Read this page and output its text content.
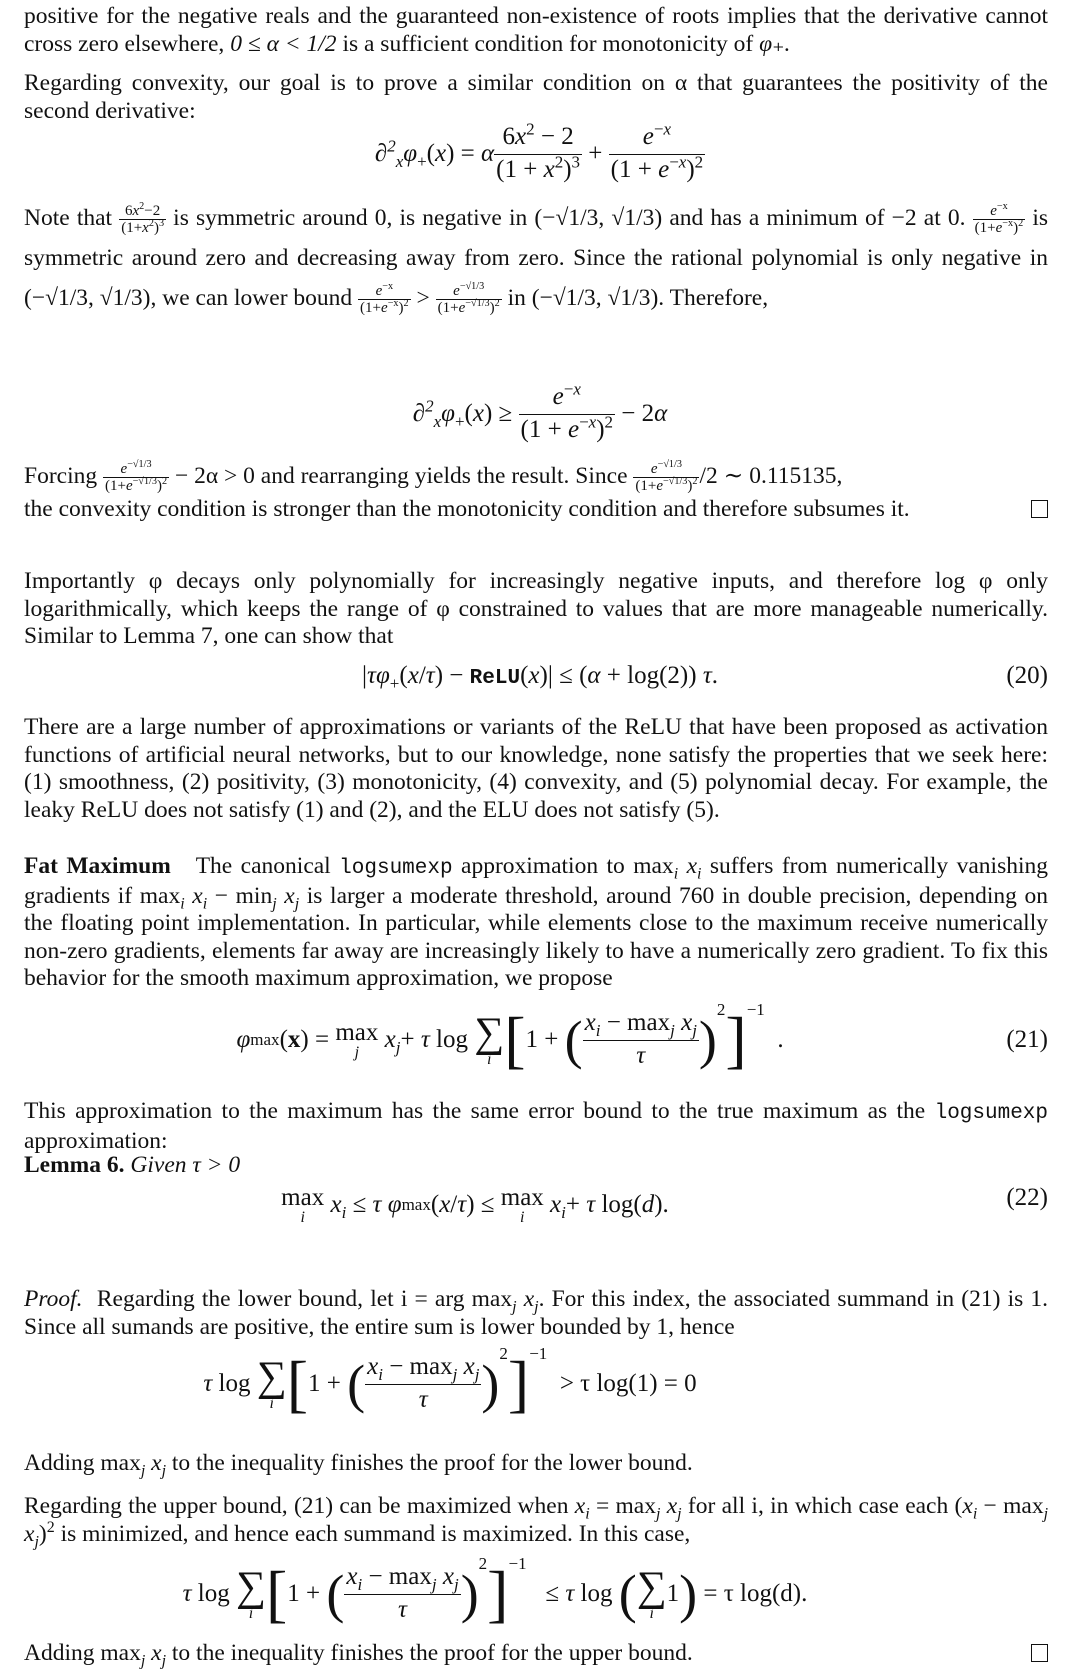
positive for the negative reals and the guaranteed non-existence of roots implies that the derivative cannot cross zero elsewhere, 0 ≤ α < 1/2 is a sufficient condition for monotonicity of φ₊.

Regarding convexity, our goal is to prove a similar condition on α that guarantees the positivity of the second derivative:

$\partial^2_x\varphi_+$ ( x ) = α $\frac{6x^2 - 2}{(1 + x^2)^3} + \frac{e^{-x}}{(1 + e^{-x})^2}$

Note that $\frac{6x^2-2}{(1+x^2)^3}$ is symmetric around 0, is negative in (−√1/3, √1/3) and has a minimum of −2 at 0. $\frac{e^{-x}}{(1+e^{-x})^2}$ is symmetric around zero and decreasing away from zero. Since the rational polynomial is only negative in (−√1/3, √1/3), we can lower bound $\frac{e^{-x}}{(1+e^{-x})^2} > \frac{e^{-√1/3}}{(1+e^{-√1/3})^2}$ in (−√1/3, √1/3). Therefore,

$\partial^2_x\varphi_+$ ( x ) ≥ $\frac{e^{-x}}{(1 + e^{-x})^2} - 2$ α

Forcing $\frac{e^{-√1/3}}{(1+e^{-√1/3})^2} - 2\alpha > 0$ and rearranging yields the result. Since $\frac{e^{-√1/3}}{(1+e^{-√1/3})^2} /2$ ∼ 0.115135,

the convexity condition is stronger than the monotonicity condition and therefore subsumes it.

Importantly φ decays only polynomially for increasingly negative inputs, and therefore log φ only logarithmically, which keeps the range of φ constrained to values that are more manageable numerically. Similar to Lemma 7, one can show that

$|\tau\varphi_+(x/\tau)$ − ReLU(x)| ≤ (α + log(2)) τ.	(20)

There are a large number of approximations or variants of the ReLU that have been proposed as activation functions of artificial neural networks, but to our knowledge, none satisfy the properties that we seek here: (1) smoothness, (2) positivity, (3) monotonicity, (4) convexity, and (5) polynomial decay. For example, the leaky ReLU does not satisfy (1) and (2), and the ELU does not satisfy (5).

Fat Maximum The canonical logsumexp approximation to $\max_i x_i$ suffers from numerically vanishing gradients if $\max_i x_i - \min_j x_j$ is larger a moderate threshold, around 760 in double precision, depending on the floating point implementation. In particular, while elements close to the maximum receive numerically non-zero gradients, elements far away are increasingly likely to have a numerically zero gradient. To fix this behavior for the smooth maximum approximation, we propose

φ max ( x ) = max
j
$x_j + \tau$ log ∑
i [ 1 + ( $\frac{x_i - \max_j x_j}{\tau}$ )
2 ] −1
.	(21)

This approximation to the maximum has the same error bound to the true maximum as the logsumexp approximation:

Lemma 6. Given τ > 0

max
i
$x_i \le \tau$ φ max ( x / τ ) ≤ max
i
$x_i + \tau$ log( d ).	(22)

Proof. Regarding the lower bound, let i = arg $\max_j x_j$. For this index, the associated summand in (21) is 1. Since all sumands are positive, the entire sum is lower bounded by 1, hence

τ log ∑
i [ 1 + ( $\frac{x_i - \max_j x_j}{\tau}$ )
2 ] −1

> τ log(1) = 0

Adding $\max_j x_j$ to the inequality finishes the proof for the lower bound.

Regarding the upper bound, (21) can be maximized when $x_i = \max_j x_j$ for all i, in which case each $(x_i - \max_j x_j)^2$ is minimized, and hence each summand is maximized. In this case,

τ log ∑
i [ 1 + ( $\frac{x_i - \max_j x_j}{\tau}$ )
2 ] −1
≤ τ log ( ∑
i
1 )
= τ log(d).

Adding $\max_j x_j$ to the inequality finishes the proof for the upper bound.
